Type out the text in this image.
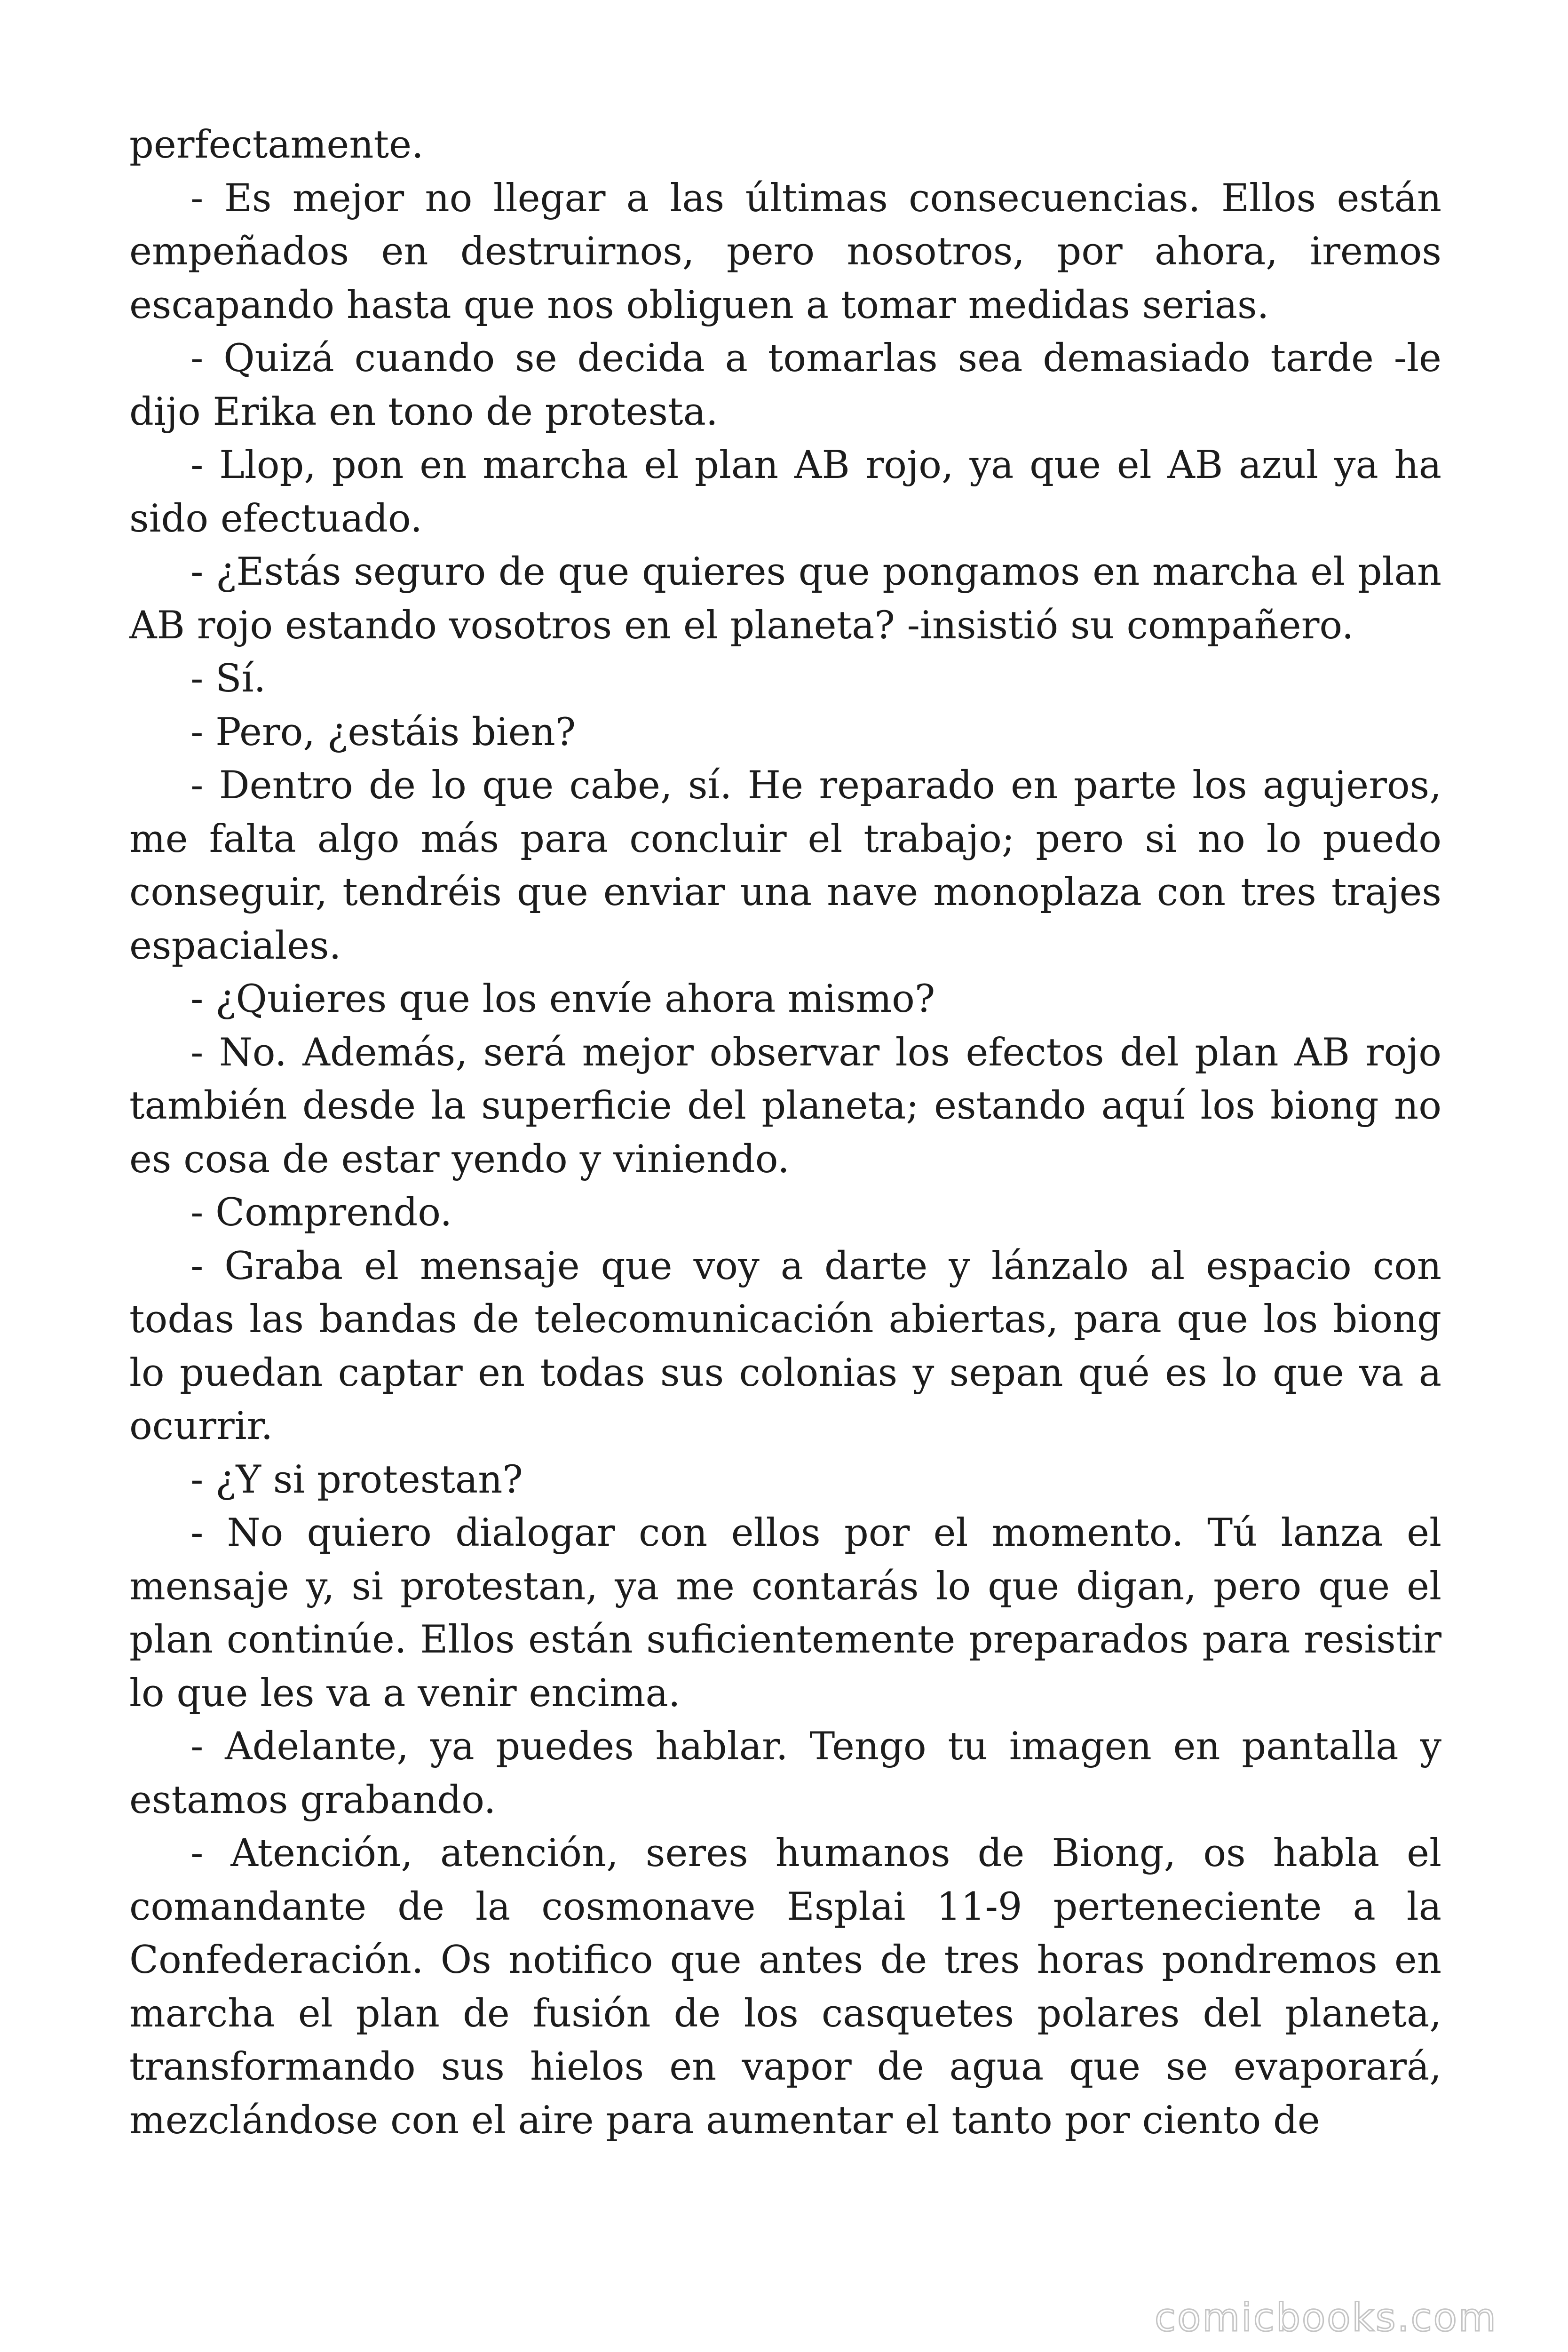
perfectamente.

- Es mejor no llegar a las últimas consecuencias. Ellos están empeñados en destruirnos, pero nosotros, por ahora, iremos escapando hasta que nos obliguen a tomar medidas serias.

- Quizá cuando se decida a tomarlas sea demasiado tarde -le dijo Erika en tono de protesta.

- Llop, pon en marcha el plan AB rojo, ya que el AB azul ya ha sido efectuado.

- ¿Estás seguro de que quieres que pongamos en marcha el plan AB rojo estando vosotros en el planeta? -insistió su compañero.

- Sí.

- Pero, ¿estáis bien?

- Dentro de lo que cabe, sí. He reparado en parte los agujeros, me falta algo más para concluir el trabajo; pero si no lo puedo conseguir, tendréis que enviar una nave monoplaza con tres trajes espaciales.

- ¿Quieres que los envíe ahora mismo?

- No. Además, será mejor observar los efectos del plan AB rojo también desde la superficie del planeta; estando aquí los biong no es cosa de estar yendo y viniendo.

- Comprendo.

- Graba el mensaje que voy a darte y lánzalo al espacio con todas las bandas de telecomunicación abiertas, para que los biong lo puedan captar en todas sus colonias y sepan qué es lo que va a ocurrir.

- ¿Y si protestan?

- No quiero dialogar con ellos por el momento. Tú lanza el mensaje y, si protestan, ya me contarás lo que digan, pero que el plan continúe. Ellos están suficientemente preparados para resistir lo que les va a venir encima.

- Adelante, ya puedes hablar. Tengo tu imagen en pantalla y estamos grabando.

- Atención, atención, seres humanos de Biong, os habla el comandante de la cosmonave Esplai 11-9 perteneciente a la Confederación. Os notifico que antes de tres horas pondremos en marcha el plan de fusión de los casquetes polares del planeta, transformando sus hielos en vapor de agua que se evaporará, mezclándose con el aire para aumentar el tanto por ciento de

comicbooks.com
